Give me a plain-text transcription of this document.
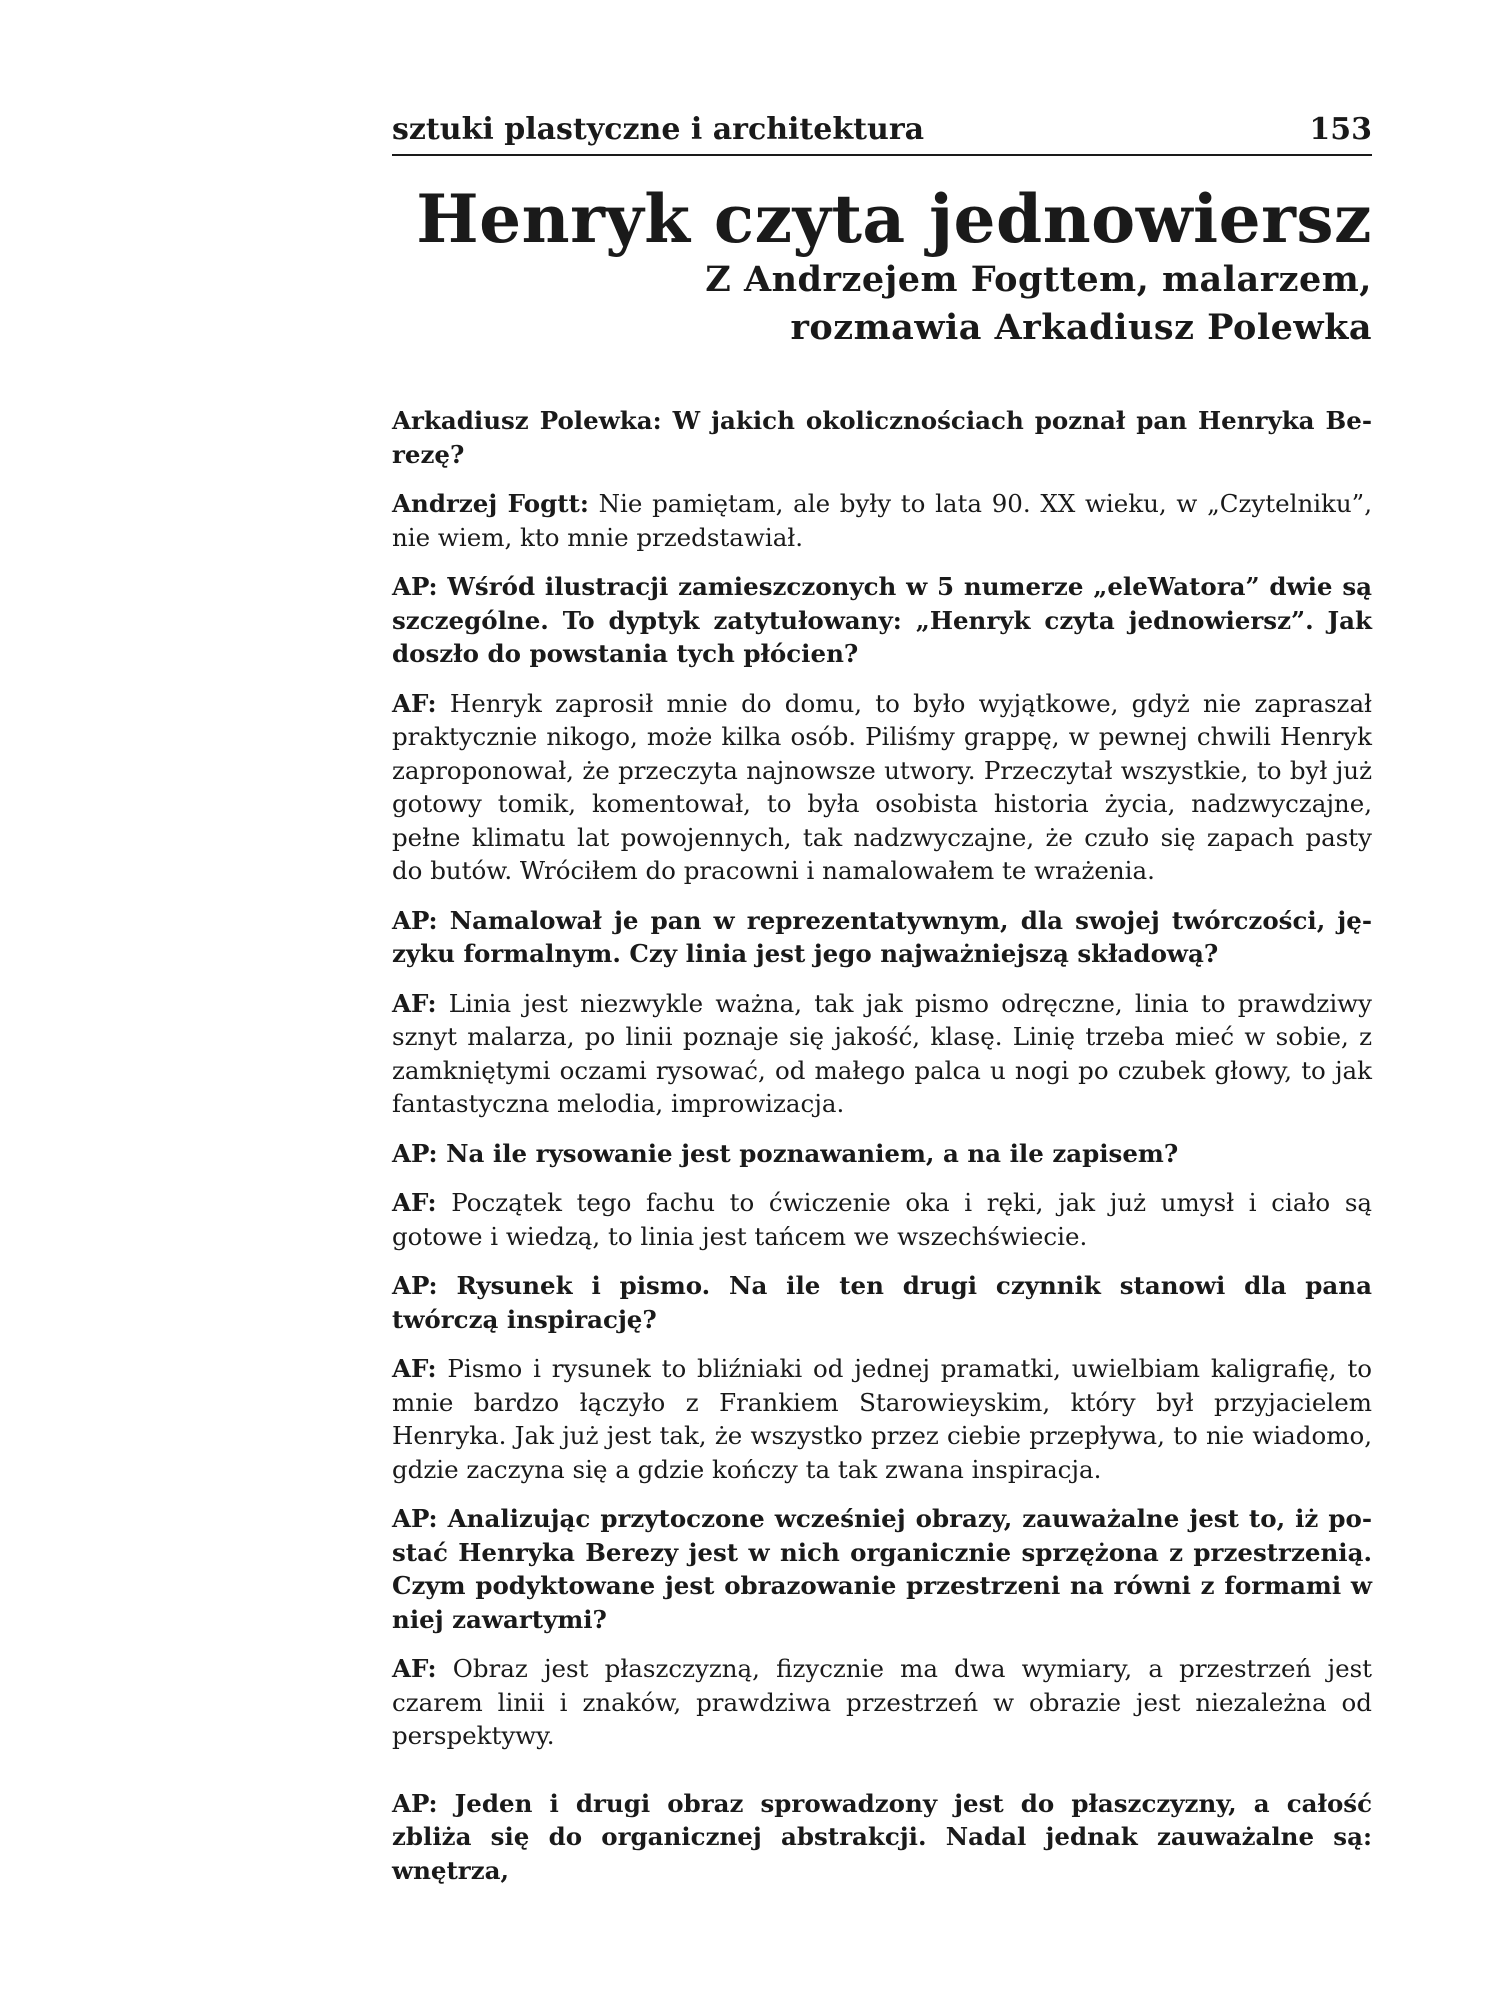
sztuki plastyczne i architektura	153
Henryk czyta jednowiersz
Z Andrzejem Fogttem, malarzem,
rozmawia Arkadiusz Polewka

Arkadiusz Polewka: W jakich okolicznościach poznał pan Henryka Berezę?

Andrzej Fogtt: Nie pamiętam, ale były to lata 90. XX wieku, w „Czytelniku”, nie wiem, kto mnie przedstawiał.

AP: Wśród ilustracji zamieszczonych w 5 numerze „eleWatora” dwie są szczególne. To dyptyk zatytułowany: „Henryk czyta jednowiersz”. Jak doszło do powstania tych płócien?

AF: Henryk zaprosił mnie do domu, to było wyjątkowe, gdyż nie zapraszał praktycznie nikogo, może kilka osób. Piliśmy grappę, w pewnej chwili Henryk zaproponował, że przeczyta najnowsze utwory. Przeczytał wszystkie, to był już gotowy tomik, komentował, to była osobista historia życia, nadzwyczajne, pełne klimatu lat powojennych, tak nadzwyczajne, że czuło się zapach pasty do butów. Wróciłem do pracowni i namalowałem te wrażenia.

AP: Namalował je pan w reprezentatywnym, dla swojej twórczości, języku formalnym. Czy linia jest jego najważniejszą składową?

AF: Linia jest niezwykle ważna, tak jak pismo odręczne, linia to prawdziwy sznyt malarza, po linii poznaje się jakość, klasę. Linię trzeba mieć w sobie, z zamkniętymi oczami rysować, od małego palca u nogi po czubek głowy, to jak fantastyczna melodia, improwizacja.

AP: Na ile rysowanie jest poznawaniem, a na ile zapisem?

AF: Początek tego fachu to ćwiczenie oka i ręki, jak już umysł i ciało są gotowe i wiedzą, to linia jest tańcem we wszechświecie.

AP: Rysunek i pismo. Na ile ten drugi czynnik stanowi dla pana twórczą inspirację?

AF: Pismo i rysunek to bliźniaki od jednej pramatki, uwielbiam kaligrafię, to mnie bardzo łączyło z Frankiem Starowieyskim, który był przyjacielem Henryka. Jak już jest tak, że wszystko przez ciebie przepływa, to nie wiadomo, gdzie zaczyna się a gdzie kończy ta tak zwana inspiracja.

AP: Analizując przytoczone wcześniej obrazy, zauważalne jest to, iż postać Henryka Berezy jest w nich organicznie sprzężona z przestrzenią. Czym podyktowane jest obrazowanie przestrzeni na równi z formami w niej zawartymi?

AF: Obraz jest płaszczyzną, fizycznie ma dwa wymiary, a przestrzeń jest czarem linii i znaków, prawdziwa przestrzeń w obrazie jest niezależna od perspektywy.

AP: Jeden i drugi obraz sprowadzony jest do płaszczyzny, a całość zbliża się do organicznej abstrakcji. Nadal jednak zauważalne są: wnętrza,
